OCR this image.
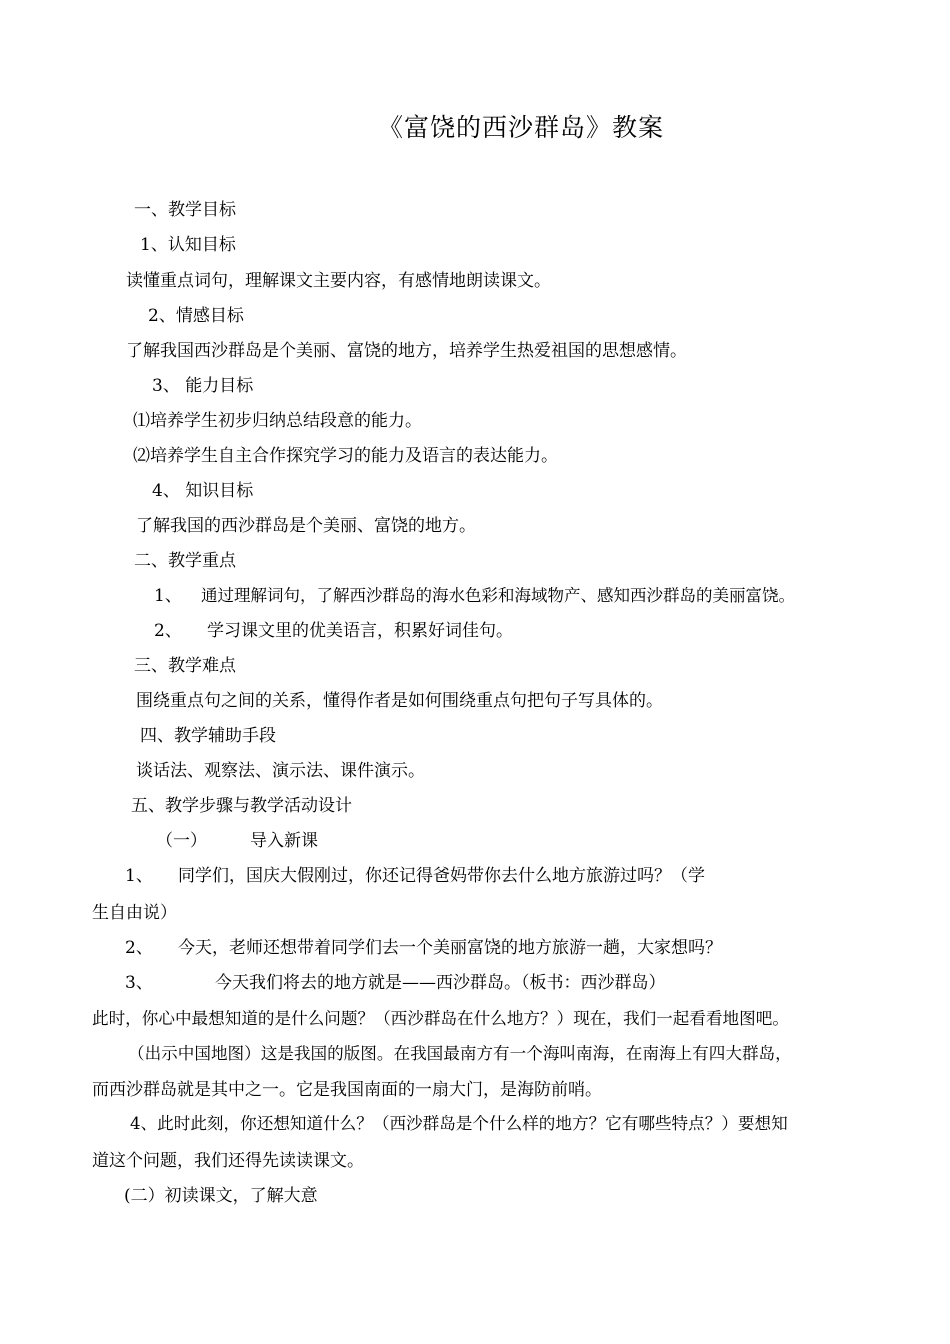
《富饶的西沙群岛》教案
一、教学目标
1、认知目标
读懂重点词句，理解课文主要内容，有感情地朗读课文。
2、情感目标
了解我国西沙群岛是个美丽、富饶的地方，培养学生热爱祖国的思想感情。
3、 能力目标
⑴培养学生初步归纳总结段意的能力。
⑵培养学生自主合作探究学习的能力及语言的表达能力。
4、 知识目标
了解我国的西沙群岛是个美丽、富饶的地方。
二、教学重点
1、 通过理解词句，了解西沙群岛的海水色彩和海域物产、感知西沙群岛的美丽富饶。
2、 学习课文里的优美语言，积累好词佳句。
三、教学难点
围绕重点句之间的关系，懂得作者是如何围绕重点句把句子写具体的。
四、教学辅助手段
谈话法、观察法、演示法、课件演示。
五、教学步骤与教学活动设计
（一）	导入新课
1、 同学们，国庆大假刚过，你还记得爸妈带你去什么地方旅游过吗？（学
生自由说）
2、 今天，老师还想带着同学们去一个美丽富饶的地方旅游一趟，大家想吗？
3、	今天我们将去的地方就是——西沙群岛。（板书：西沙群岛）
此时，你心中最想知道的是什么问题？（西沙群岛在什么地方？）现在，我们一起看看地图吧。
（出示中国地图）这是我国的版图。在我国最南方有一个海叫南海，在南海上有四大群岛，
而西沙群岛就是其中之一。它是我国南面的一扇大门，是海防前哨。
4、此时此刻，你还想知道什么？（西沙群岛是个什么样的地方？它有哪些特点？）要想知
道这个问题，我们还得先读读课文。
(二）初读课文，了解大意
